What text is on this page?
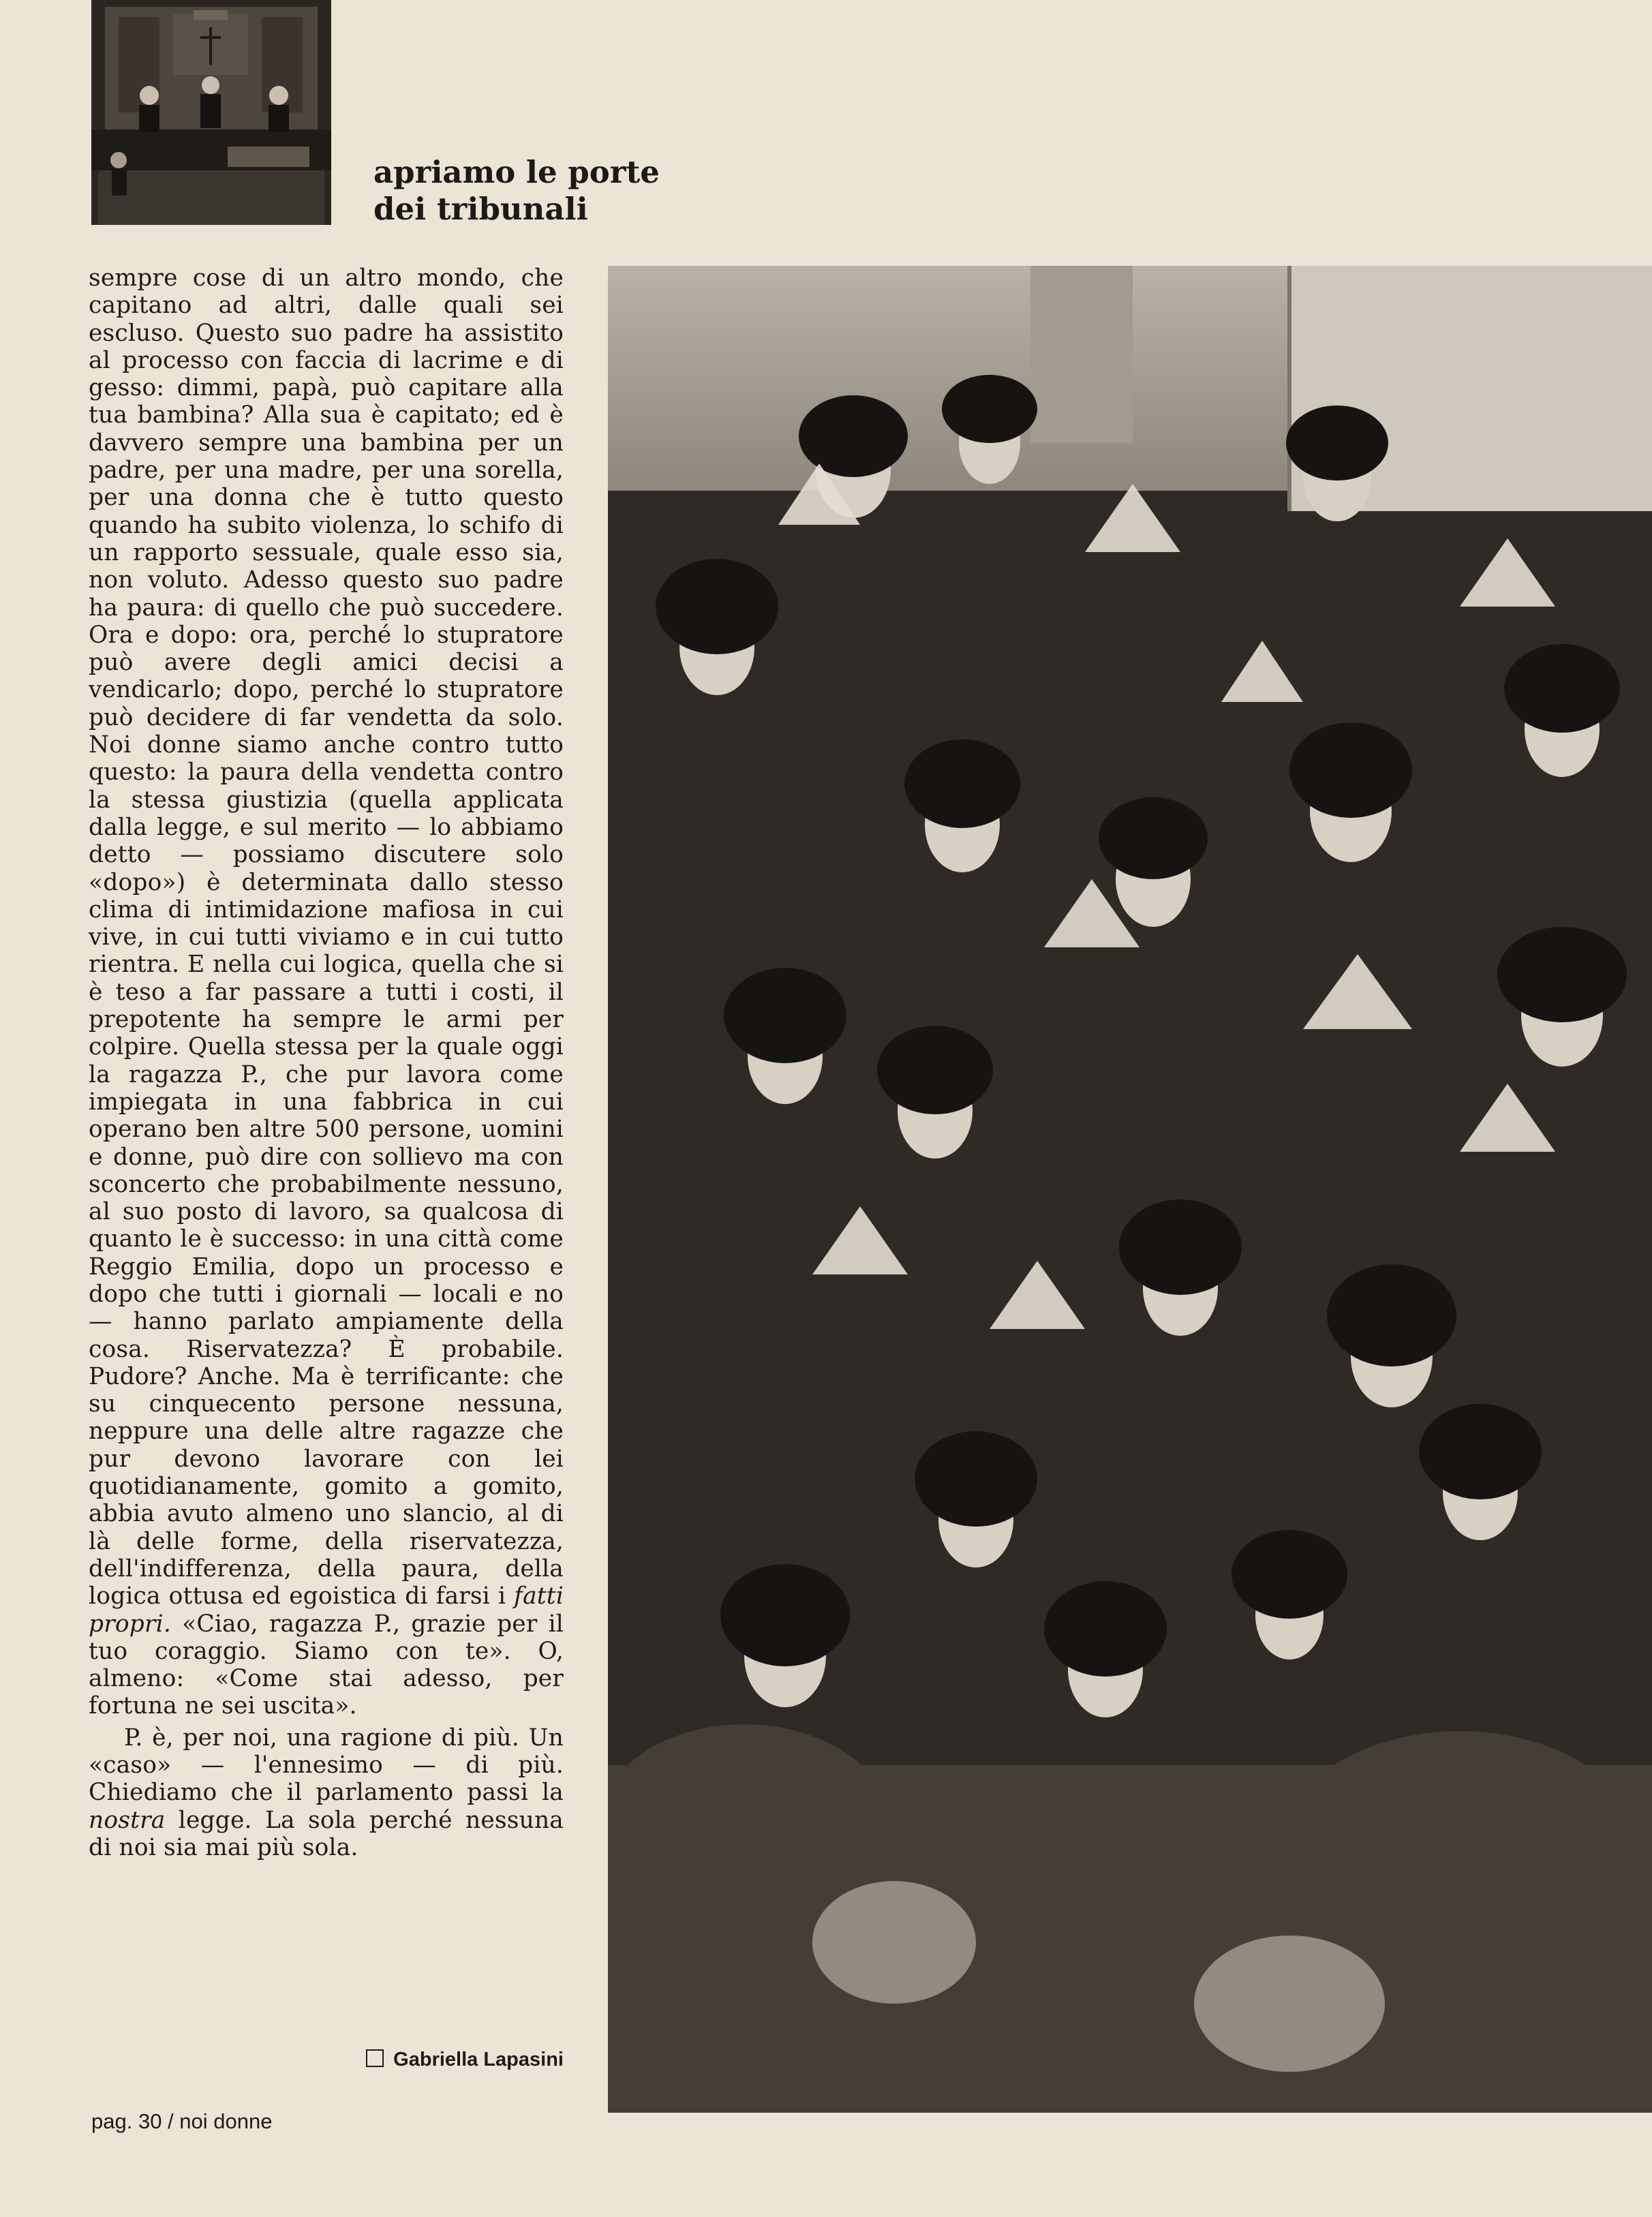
apriamo le porte
dei tribunali

sempre cose di un altro mondo, che capitano ad altri, dalle quali sei escluso. Questo suo padre ha assistito al processo con faccia di lacrime e di gesso: dimmi, papà, può capitare alla tua bambina? Alla sua è capitato; ed è davvero sempre una bambina per un padre, per una madre, per una sorella, per una donna che è tutto questo quando ha subito violenza, lo schifo di un rapporto sessuale, quale esso sia, non voluto. Adesso questo suo padre ha paura: di quello che può succedere. Ora e dopo: ora, perché lo stupratore può avere degli amici decisi a vendicarlo; dopo, perché lo stupratore può decidere di far vendetta da solo. Noi donne siamo anche contro tutto questo: la paura della vendetta contro la stessa giustizia (quella applicata dalla legge, e sul merito — lo abbiamo detto — possiamo discutere solo «dopo») è determinata dallo stesso clima di intimidazione mafiosa in cui vive, in cui tutti viviamo e in cui tutto rientra. E nella cui logica, quella che si è teso a far passare a tutti i costi, il prepotente ha sempre le armi per colpire. Quella stessa per la quale oggi la ragazza P., che pur lavora come impiegata in una fabbrica in cui operano ben altre 500 persone, uomini e donne, può dire con sollievo ma con sconcerto che probabilmente nessuno, al suo posto di lavoro, sa qualcosa di quanto le è successo: in una città come Reggio Emilia, dopo un processo e dopo che tutti i giornali — locali e no — hanno parlato ampiamente della cosa. Riservatezza? È probabile. Pudore? Anche. Ma è terrificante: che su cinquecento persone nessuna, neppure una delle altre ragazze che pur devono lavorare con lei quotidianamente, gomito a gomito, abbia avuto almeno uno slancio, al di là delle forme, della riservatezza, dell'indifferenza, della paura, della logica ottusa ed egoistica di farsi i fatti propri. «Ciao, ragazza P., grazie per il tuo coraggio. Siamo con te». O, almeno: «Come stai adesso, per fortuna ne sei uscita».

P. è, per noi, una ragione di più. Un «caso» — l'ennesimo — di più. Chiediamo che il parlamento passi la nostra legge. La sola perché nessuna di noi sia mai più sola.

Gabriella Lapasini
pag. 30 / noi donne
